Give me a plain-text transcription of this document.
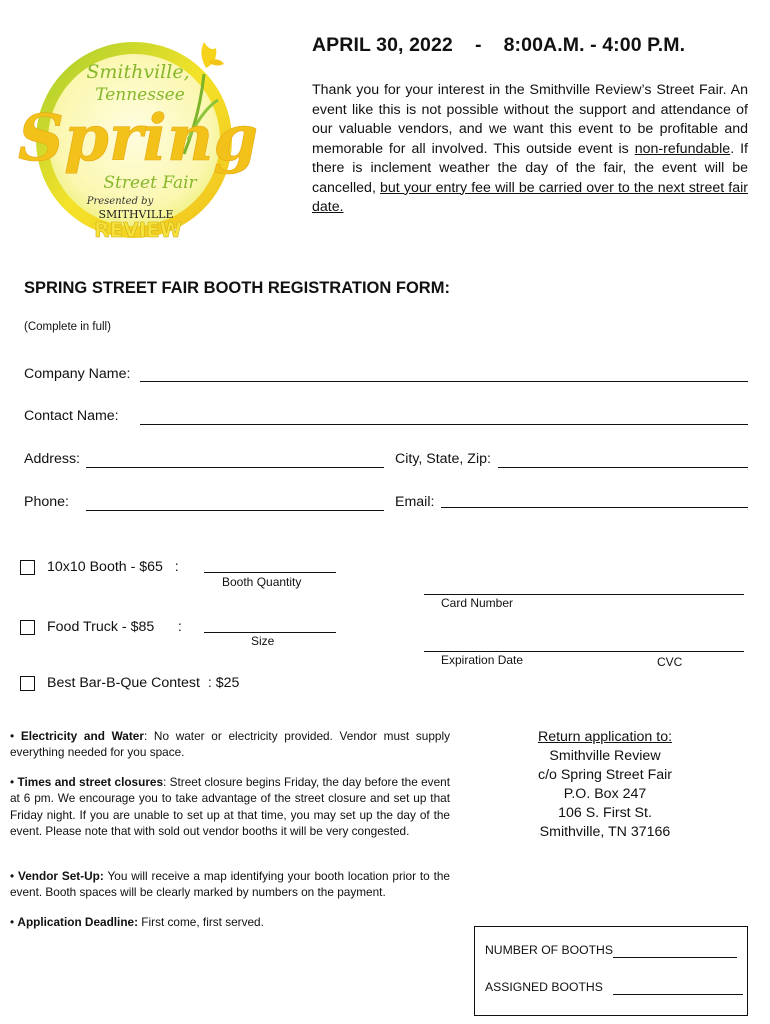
Smithville,
Tennessee
Spring
Street Fair
Presented by
SMITHVILLE
REVIEW
APRIL 30, 2022    -    8:00A.M. - 4:00 P.M.
Thank you for your interest in the Smithville Review’s Street Fair. An event like this is not possible without the support and attendance of our valuable vendors, and we want this event to be profitable and memorable for all involved. This outside event is non-refundable. If there is inclement weather the day of the fair, the event will be cancelled, but your entry fee will be carried over to the next street fair date.
SPRING STREET FAIR BOOTH REGISTRATION FORM:
(Complete in full)
Company Name:
Contact Name:
Address:	City, State, Zip:
Phone:	Email:
10x10 Booth - $65   :
Booth Quantity
Food Truck - $85      :
Size
Best Bar-B-Que Contest  : $25
Card Number
Expiration Date	CVC
• Electricity and Water: No water or electricity provided. Vendor must supply everything needed for you space.
• Times and street closures: Street closure begins Friday, the day before the event at 6 pm. We encourage you to take advantage of the street closure and set up that Friday night. If you are unable to set up at that time, you may set up the day of the event. Please note that with sold out vendor booths it will be very congested.
• Vendor Set-Up: You will receive a map identifying your booth location prior to the event. Booth spaces will be clearly marked by numbers on the payment.
• Application Deadline: First come, first served.
Return application to:
Smithville Review
c/o Spring Street Fair
P.O. Box 247
106 S. First St.
Smithville, TN 37166
NUMBER OF BOOTHS
ASSIGNED BOOTHS
